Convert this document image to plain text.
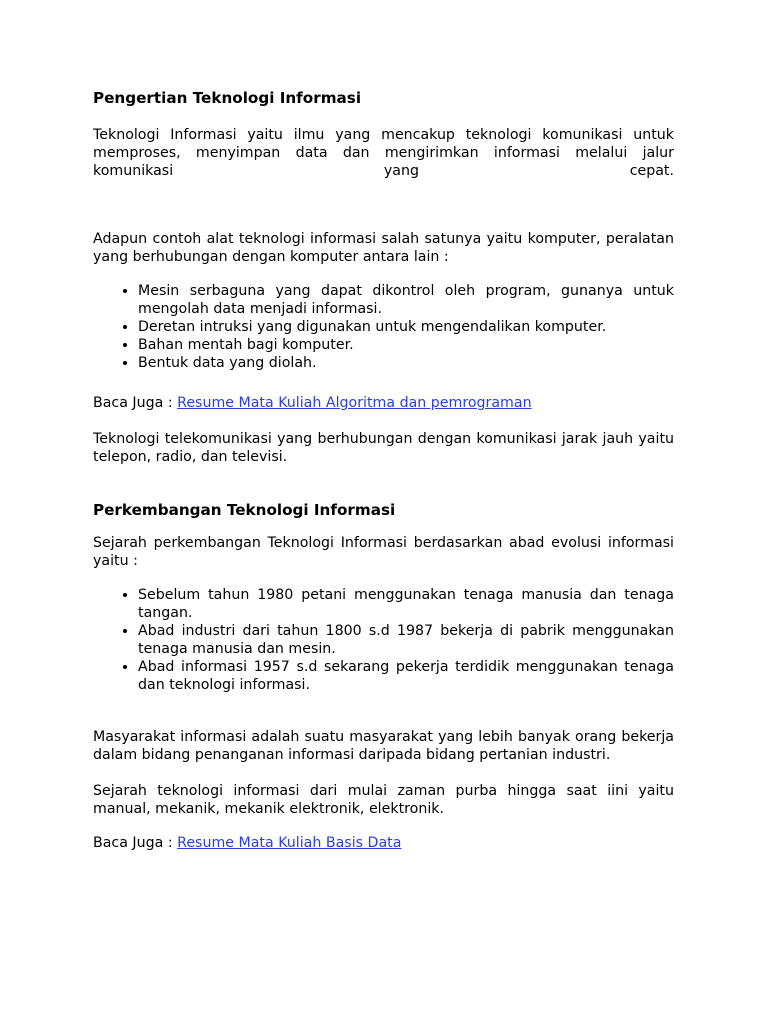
Pengertian Teknologi Informasi

Teknologi Informasi yaitu ilmu yang mencakup teknologi komunikasi untuk memproses, menyimpan data dan mengirimkan informasi melalui jalur komunikasi yang cepat.

Adapun contoh alat teknologi informasi salah satunya yaitu komputer, peralatan yang berhubungan dengan komputer antara lain :

• Mesin serbaguna yang dapat dikontrol oleh program, gunanya untuk mengolah data menjadi informasi.
• Deretan intruksi yang digunakan untuk mengendalikan komputer.
• Bahan mentah bagi komputer.
• Bentuk data yang diolah.

Baca Juga : Resume Mata Kuliah Algoritma dan pemrograman

Teknologi telekomunikasi yang berhubungan dengan komunikasi jarak jauh yaitu telepon, radio, dan televisi.

Perkembangan Teknologi Informasi

Sejarah perkembangan Teknologi Informasi berdasarkan abad evolusi informasi yaitu :

• Sebelum tahun 1980 petani menggunakan tenaga manusia dan tenaga tangan.
• Abad industri dari tahun 1800 s.d 1987 bekerja di pabrik menggunakan tenaga manusia dan mesin.
• Abad informasi 1957 s.d sekarang pekerja terdidik menggunakan tenaga dan teknologi informasi.

Masyarakat informasi adalah suatu masyarakat yang lebih banyak orang bekerja dalam bidang penanganan informasi daripada bidang pertanian industri.

Sejarah teknologi informasi dari mulai zaman purba hingga saat iini yaitu manual, mekanik, mekanik elektronik, elektronik.

Baca Juga : Resume Mata Kuliah Basis Data
